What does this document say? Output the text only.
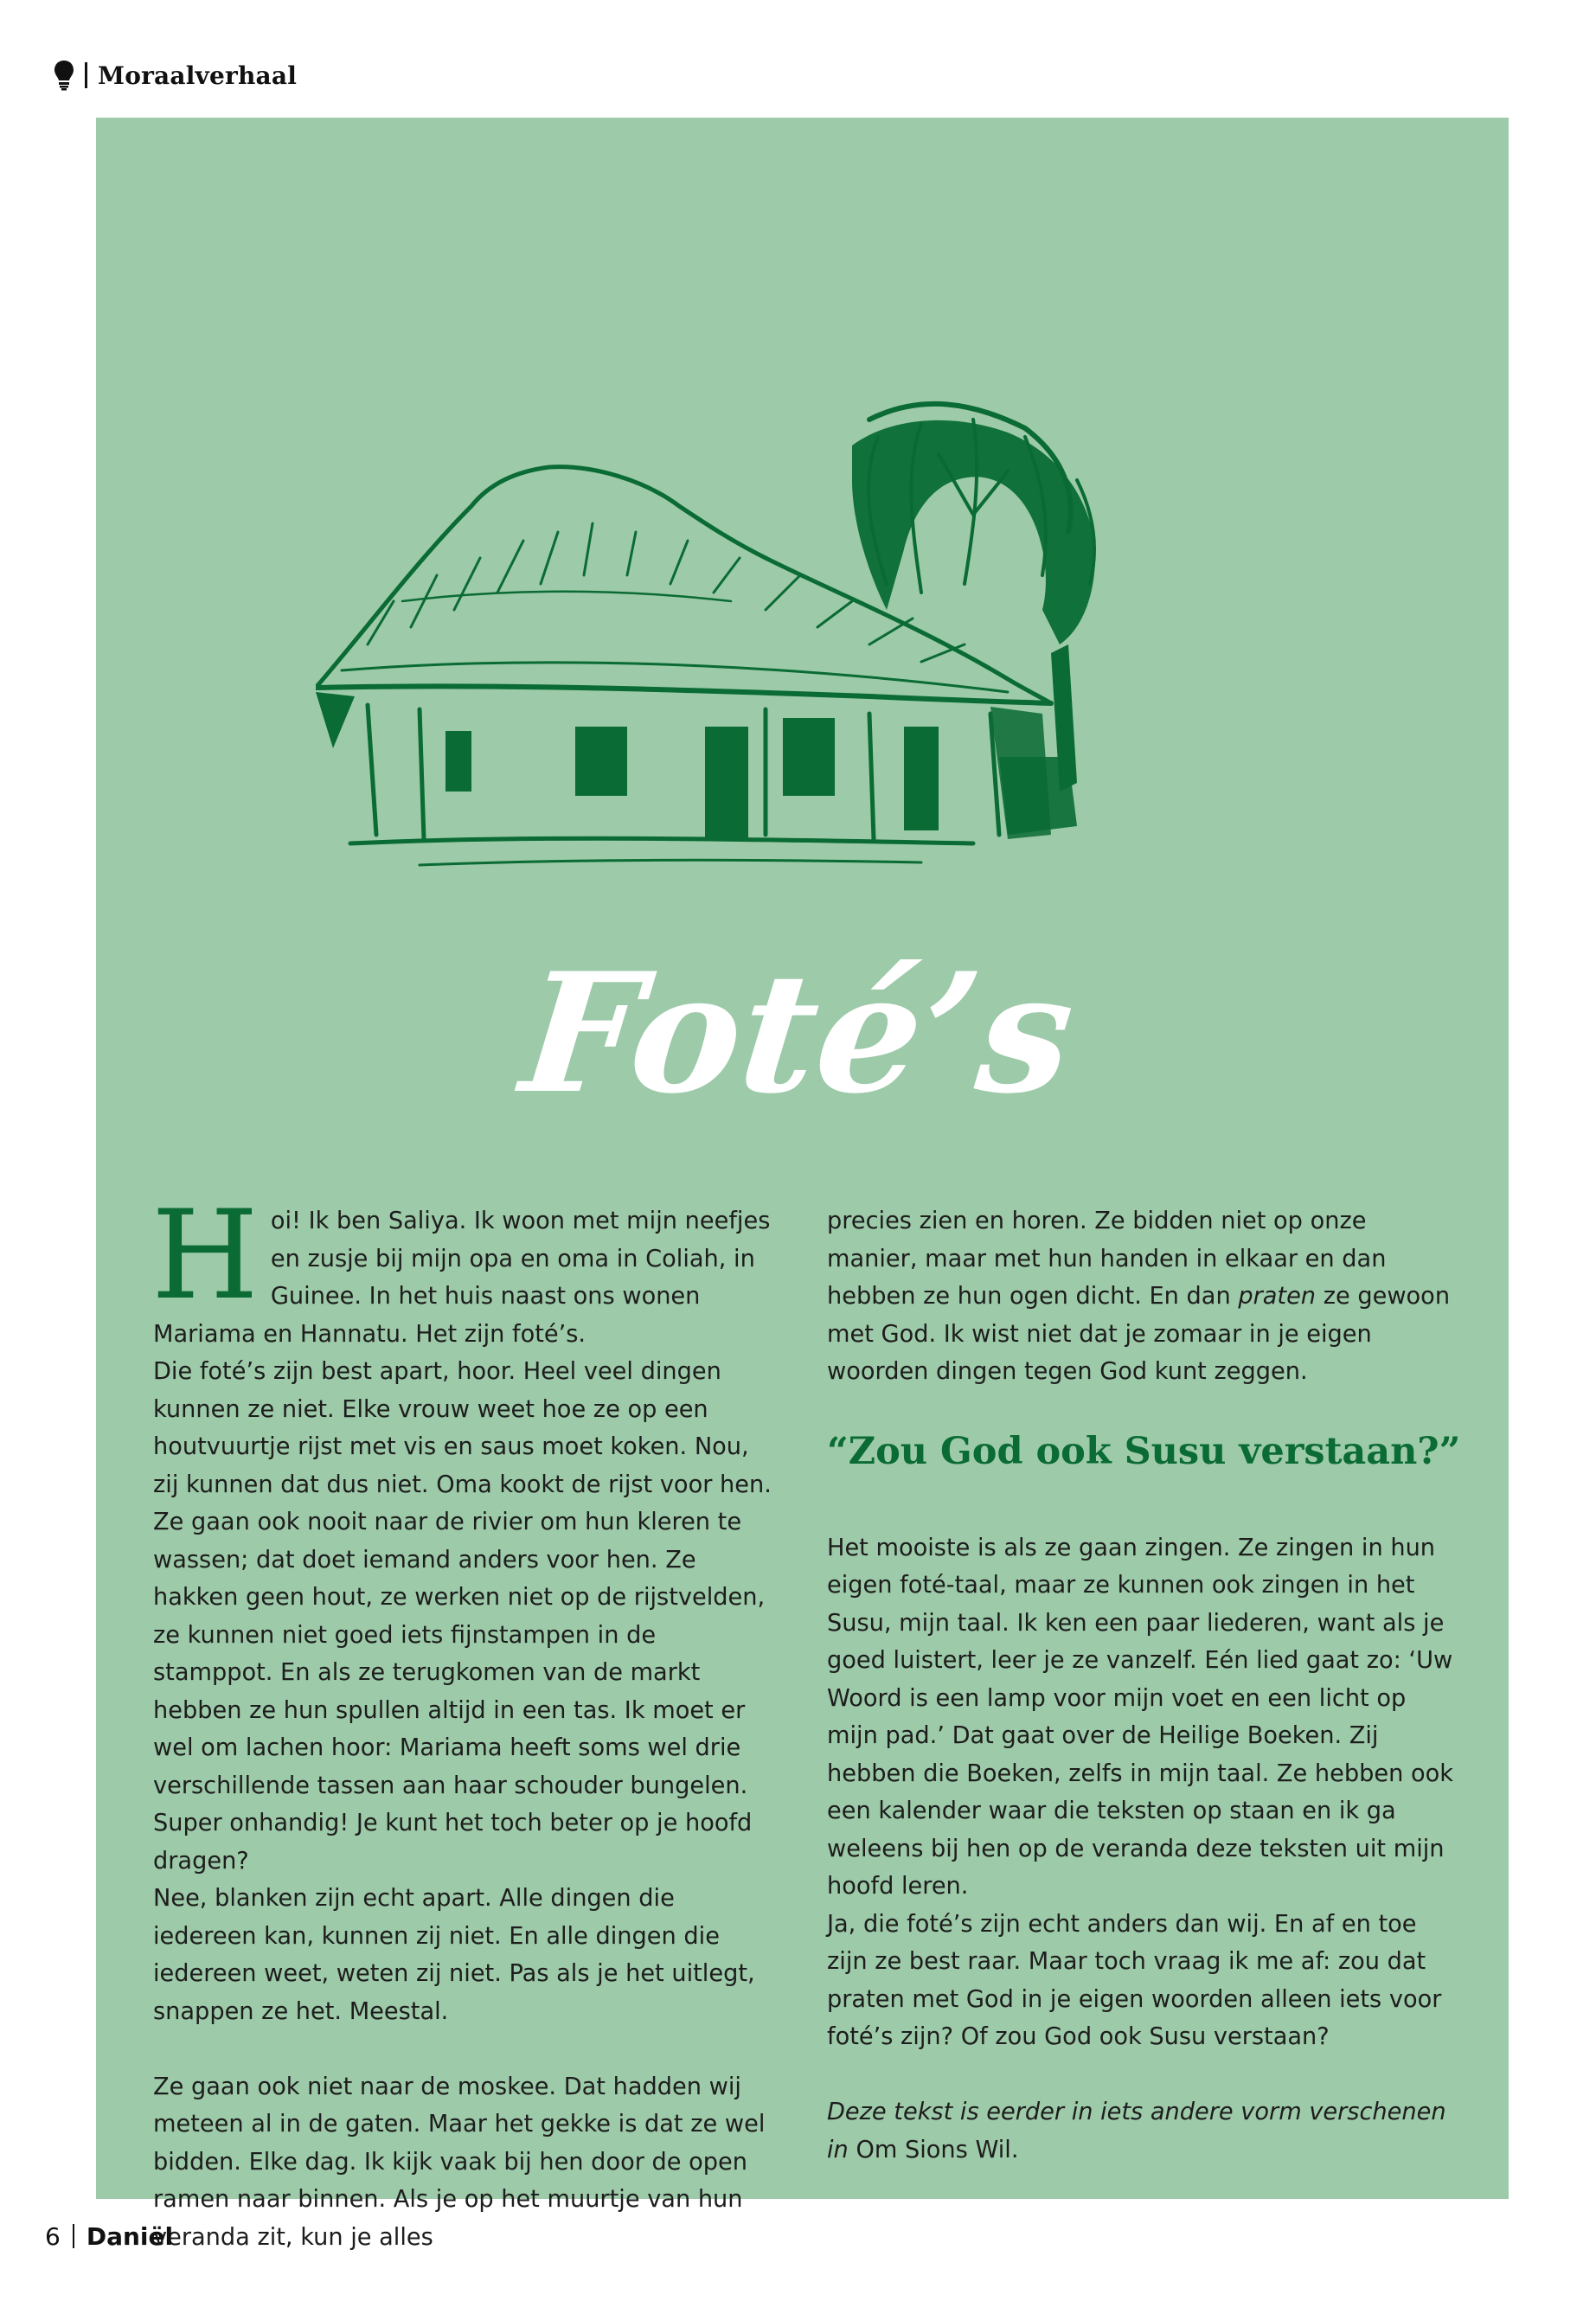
Moraalverhaal
Foté’s
H oi! Ik ben Saliya. Ik woon met mijn neefjes en zusje bij mijn opa en oma in Coliah, in Guinee. In het huis naast ons wonen Mariama en Hannatu. Het zijn foté’s.

Die foté’s zijn best apart, hoor. Heel veel dingen kunnen ze niet. Elke vrouw weet hoe ze op een houtvuurtje rijst met vis en saus moet koken. Nou, zij kunnen dat dus niet. Oma kookt de rijst voor hen. Ze gaan ook nooit naar de rivier om hun kleren te wassen; dat doet iemand anders voor hen. Ze hakken geen hout, ze werken niet op de rijstvelden, ze kunnen niet goed iets fijnstampen in de stamppot. En als ze terugkomen van de markt hebben ze hun spullen altijd in een tas. Ik moet er wel om lachen hoor: Mariama heeft soms wel drie verschillende tassen aan haar schouder bungelen. Super onhandig! Je kunt het toch beter op je hoofd dragen?

Nee, blanken zijn echt apart. Alle dingen die iedereen kan, kunnen zij niet. En alle dingen die iedereen weet, weten zij niet. Pas als je het uitlegt, snappen ze het. Meestal.

Ze gaan ook niet naar de moskee. Dat hadden wij meteen al in de gaten. Maar het gekke is dat ze wel bidden. Elke dag. Ik kijk vaak bij hen door de open ramen naar binnen. Als je op het muurtje van hun veranda zit, kun je alles

precies zien en horen. Ze bidden niet op onze manier, maar met hun handen in elkaar en dan hebben ze hun ogen dicht. En dan praten ze gewoon met God. Ik wist niet dat je zomaar in je eigen woorden dingen tegen God kunt zeggen.

“Zou God ook Susu verstaan?”

Het mooiste is als ze gaan zingen. Ze zingen in hun eigen foté-taal, maar ze kunnen ook zingen in het Susu, mijn taal. Ik ken een paar liederen, want als je goed luistert, leer je ze vanzelf. Eén lied gaat zo: ‘Uw Woord is een lamp voor mijn voet en een licht op mijn pad.’ Dat gaat over de Heilige Boeken. Zij hebben die Boeken, zelfs in mijn taal. Ze hebben ook een kalender waar die teksten op staan en ik ga weleens bij hen op de veranda deze teksten uit mijn hoofd leren.

Ja, die foté’s zijn echt anders dan wij. En af en toe zijn ze best raar. Maar toch vraag ik me af: zou dat praten met God in je eigen woorden alleen iets voor foté’s zijn? Of zou God ook Susu verstaan?

Deze tekst is eerder in iets andere vorm verschenen in Om Sions Wil.

6 Daniël
